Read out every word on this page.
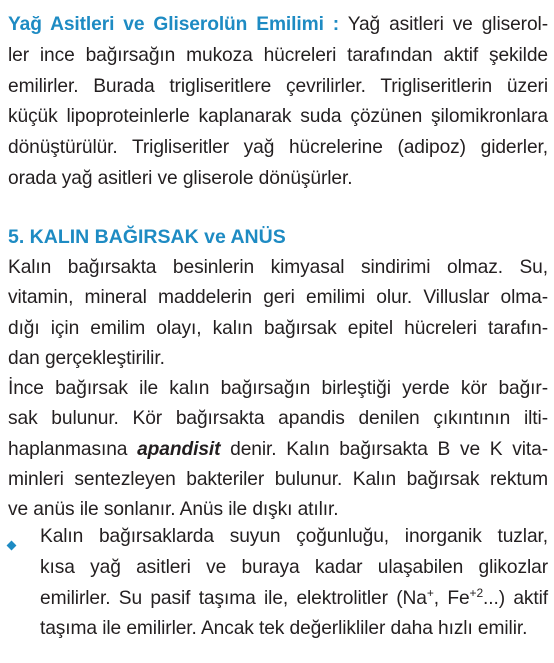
Yağ Asitleri ve Gliserolün Emilimi : Yağ asitleri ve gliserol-
ler ince bağırsağın mukoza hücreleri tarafından aktif şekilde
emilirler. Burada trigliseritlere çevrilirler. Trigliseritlerin üzeri
küçük lipoproteinlerle kaplanarak suda çözünen şilomikronlara
dönüştürülür. Trigliseritler yağ hücrelerine (adipoz) giderler,
orada yağ asitleri ve gliserole dönüşürler.
5. KALIN BAĞIRSAK ve ANÜS
Kalın bağırsakta besinlerin kimyasal sindirimi olmaz. Su,
vitamin, mineral maddelerin geri emilimi olur. Villuslar olma-
dığı için emilim olayı, kalın bağırsak epitel hücreleri tarafın-
dan gerçekleştirilir.
İnce bağırsak ile kalın bağırsağın birleştiği yerde kör bağır-
sak bulunur. Kör bağırsakta apandis denilen çıkıntının ilti-
haplanmasına apandisit denir. Kalın bağırsakta B ve K vita-
minleri sentezleyen bakteriler bulunur. Kalın bağırsak rektum
ve anüs ile sonlanır. Anüs ile dışkı atılır.
Kalın bağırsaklarda suyun çoğunluğu, inorganik tuzlar,
kısa yağ asitleri ve buraya kadar ulaşabilen glikozlar
emilirler. Su pasif taşıma ile, elektrolitler (Na+, $Fe^{+2}$...) aktif
taşıma ile emilirler. Ancak tek değerlikliler daha hızlı emilir.
